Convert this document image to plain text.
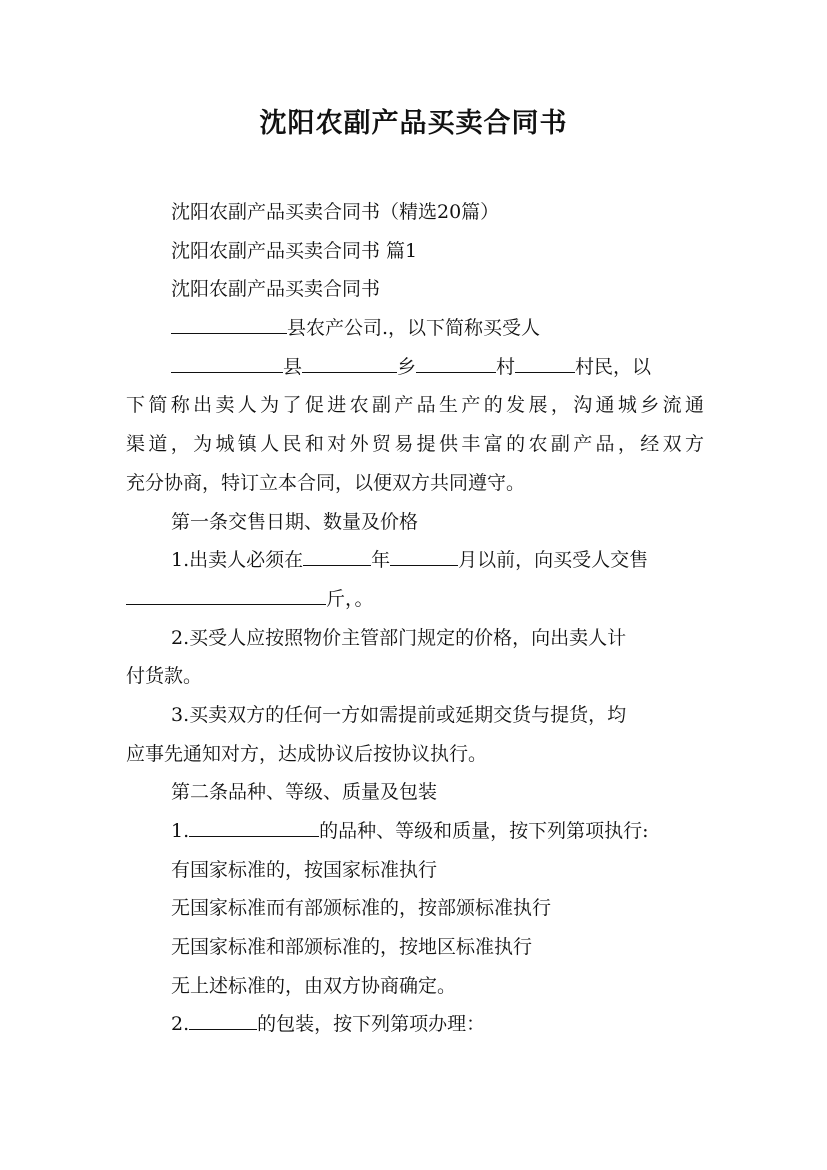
沈阳农副产品买卖合同书
沈阳农副产品买卖合同书（精选20篇）
沈阳农副产品买卖合同书 篇1
沈阳农副产品买卖合同书
县农产公司.，以下简称买受人
县	乡	村	村民，以
下简称出卖人为了促进农副产品生产的发展，沟通城乡流通
渠道，为城镇人民和对外贸易提供丰富的农副产品，经双方
充分协商，特订立本合同，以便双方共同遵守。
第一条交售日期、数量及价格
1.出卖人必须在	年	月以前，向买受人交售
斤，。
2.买受人应按照物价主管部门规定的价格，向出卖人计
付货款。
3.买卖双方的任何一方如需提前或延期交货与提货，均
应事先通知对方，达成协议后按协议执行。
第二条品种、等级、质量及包装
1.	的品种、等级和质量，按下列第项执行:
有国家标准的，按国家标准执行
无国家标准而有部颁标准的，按部颁标准执行
无国家标准和部颁标准的，按地区标准执行
无上述标准的，由双方协商确定。
2.	的包装，按下列第项办理：
